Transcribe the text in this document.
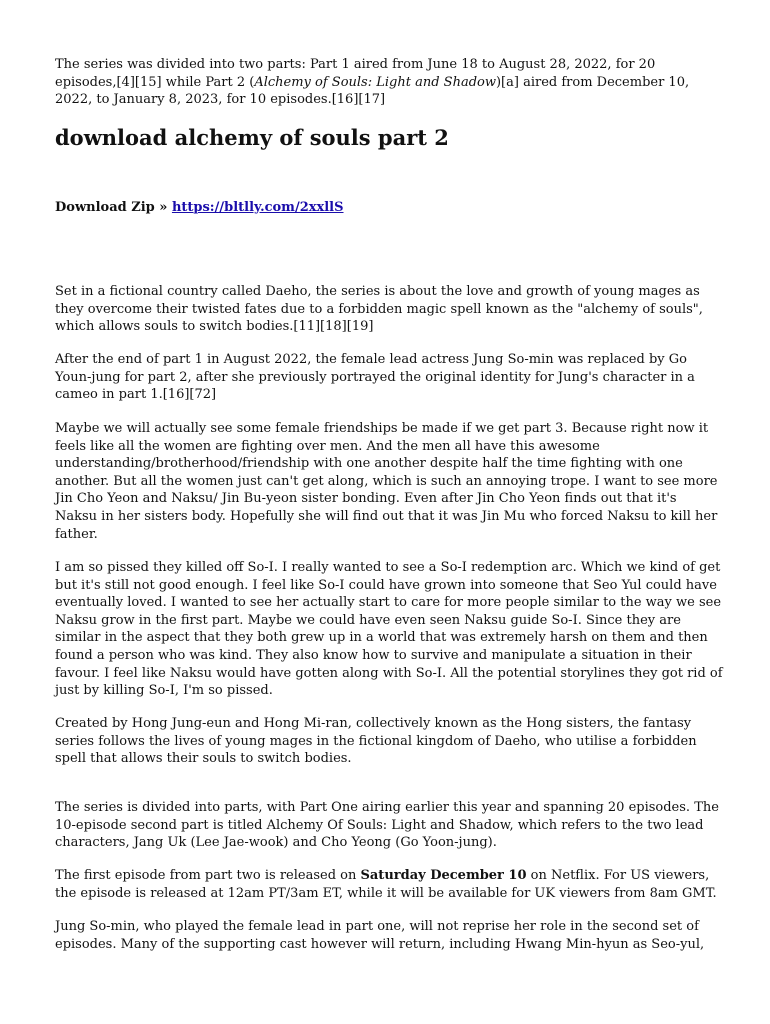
The series was divided into two parts: Part 1 aired from June 18 to August 28, 2022, for 20
episodes,[4][15] while Part 2 (Alchemy of Souls: Light and Shadow)[a] aired from December 10,
2022, to January 8, 2023, for 10 episodes.[16][17]

download alchemy of souls part 2
Download Zip » https://bltlly.com/2xxllS

Set in a fictional country called Daeho, the series is about the love and growth of young mages as
they overcome their twisted fates due to a forbidden magic spell known as the "alchemy of souls",
which allows souls to switch bodies.[11][18][19]

After the end of part 1 in August 2022, the female lead actress Jung So-min was replaced by Go
Youn-jung for part 2, after she previously portrayed the original identity for Jung's character in a
cameo in part 1.[16][72]

Maybe we will actually see some female friendships be made if we get part 3. Because right now it
feels like all the women are fighting over men. And the men all have this awesome
understanding/brotherhood/friendship with one another despite half the time fighting with one
another. But all the women just can't get along, which is such an annoying trope. I want to see more
Jin Cho Yeon and Naksu/ Jin Bu-yeon sister bonding. Even after Jin Cho Yeon finds out that it's
Naksu in her sisters body. Hopefully she will find out that it was Jin Mu who forced Naksu to kill her
father.

I am so pissed they killed off So-I. I really wanted to see a So-I redemption arc. Which we kind of get
but it's still not good enough. I feel like So-I could have grown into someone that Seo Yul could have
eventually loved. I wanted to see her actually start to care for more people similar to the way we see
Naksu grow in the first part. Maybe we could have even seen Naksu guide So-I. Since they are
similar in the aspect that they both grew up in a world that was extremely harsh on them and then
found a person who was kind. They also know how to survive and manipulate a situation in their
favour. I feel like Naksu would have gotten along with So-I. All the potential storylines they got rid of
just by killing So-I, I'm so pissed.

Created by Hong Jung-eun and Hong Mi-ran, collectively known as the Hong sisters, the fantasy
series follows the lives of young mages in the fictional kingdom of Daeho, who utilise a forbidden
spell that allows their souls to switch bodies.

The series is divided into parts, with Part One airing earlier this year and spanning 20 episodes. The
10-episode second part is titled Alchemy Of Souls: Light and Shadow, which refers to the two lead
characters, Jang Uk (Lee Jae-wook) and Cho Yeong (Go Yoon-jung).

The first episode from part two is released on Saturday December 10 on Netflix. For US viewers,
the episode is released at 12am PT/3am ET, while it will be available for UK viewers from 8am GMT.

Jung So-min, who played the female lead in part one, will not reprise her role in the second set of
episodes. Many of the supporting cast however will return, including Hwang Min-hyun as Seo-yul,
